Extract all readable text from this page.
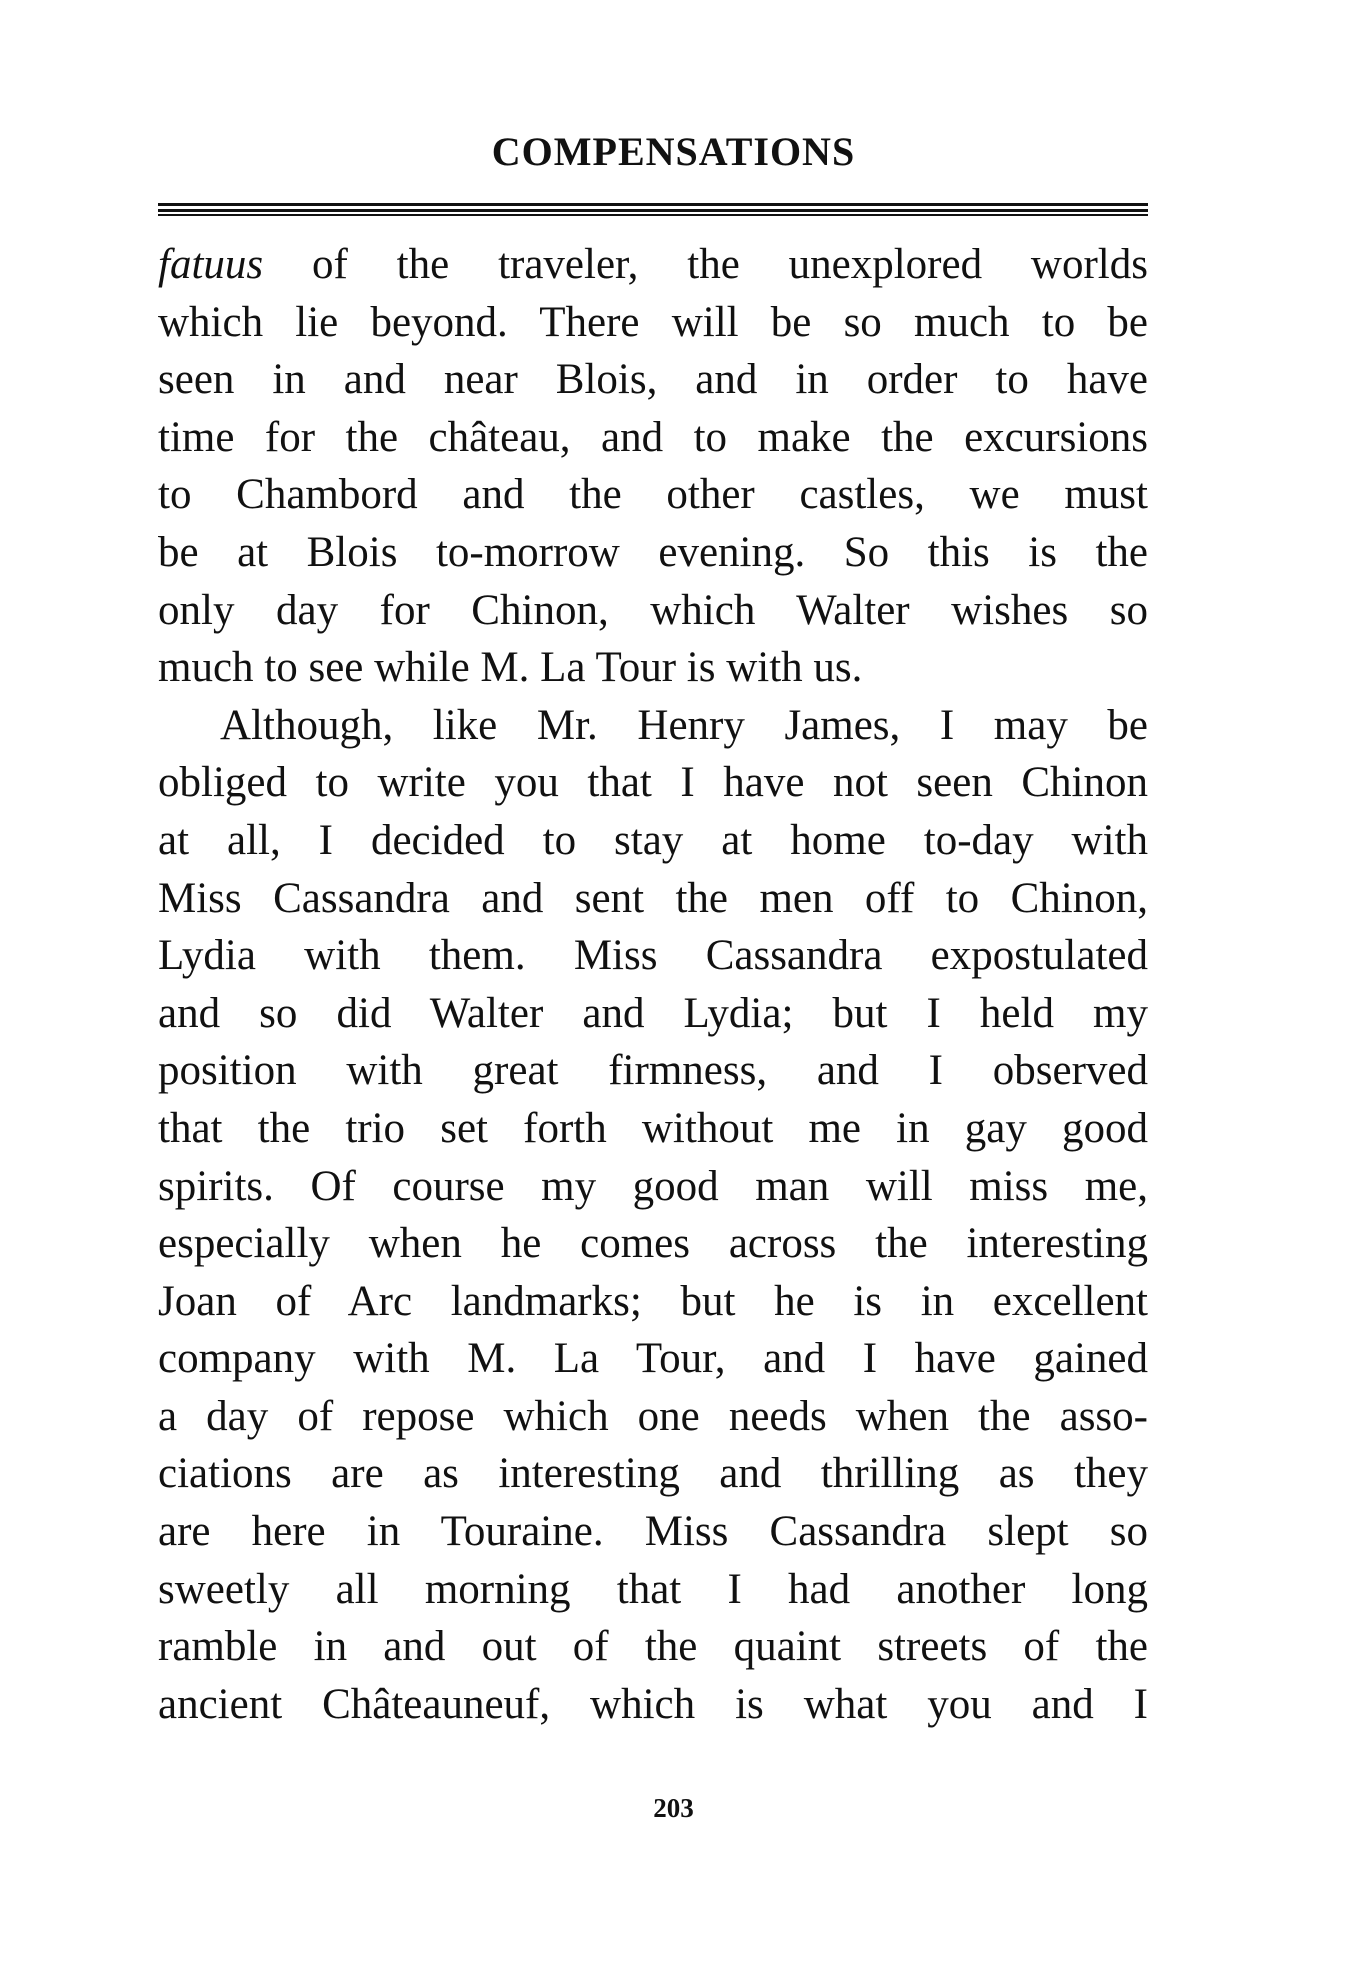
COMPENSATIONS
fatuus of the traveler, the unexplored worlds
which lie beyond. There will be so much to be
seen in and near Blois, and in order to have
time for the château, and to make the excursions
to Chambord and the other castles, we must
be at Blois to-morrow evening. So this is the
only day for Chinon, which Walter wishes so
much to see while M. La Tour is with us.
Although, like Mr. Henry James, I may be
obliged to write you that I have not seen Chinon
at all, I decided to stay at home to-day with
Miss Cassandra and sent the men off to Chinon,
Lydia with them. Miss Cassandra expostulated
and so did Walter and Lydia; but I held my
position with great firmness, and I observed
that the trio set forth without me in gay good
spirits. Of course my good man will miss me,
especially when he comes across the interesting
Joan of Arc landmarks; but he is in excellent
company with M. La Tour, and I have gained
a day of repose which one needs when the asso-
ciations are as interesting and thrilling as they
are here in Touraine. Miss Cassandra slept so
sweetly all morning that I had another long
ramble in and out of the quaint streets of the
ancient Châteauneuf, which is what you and I
203
